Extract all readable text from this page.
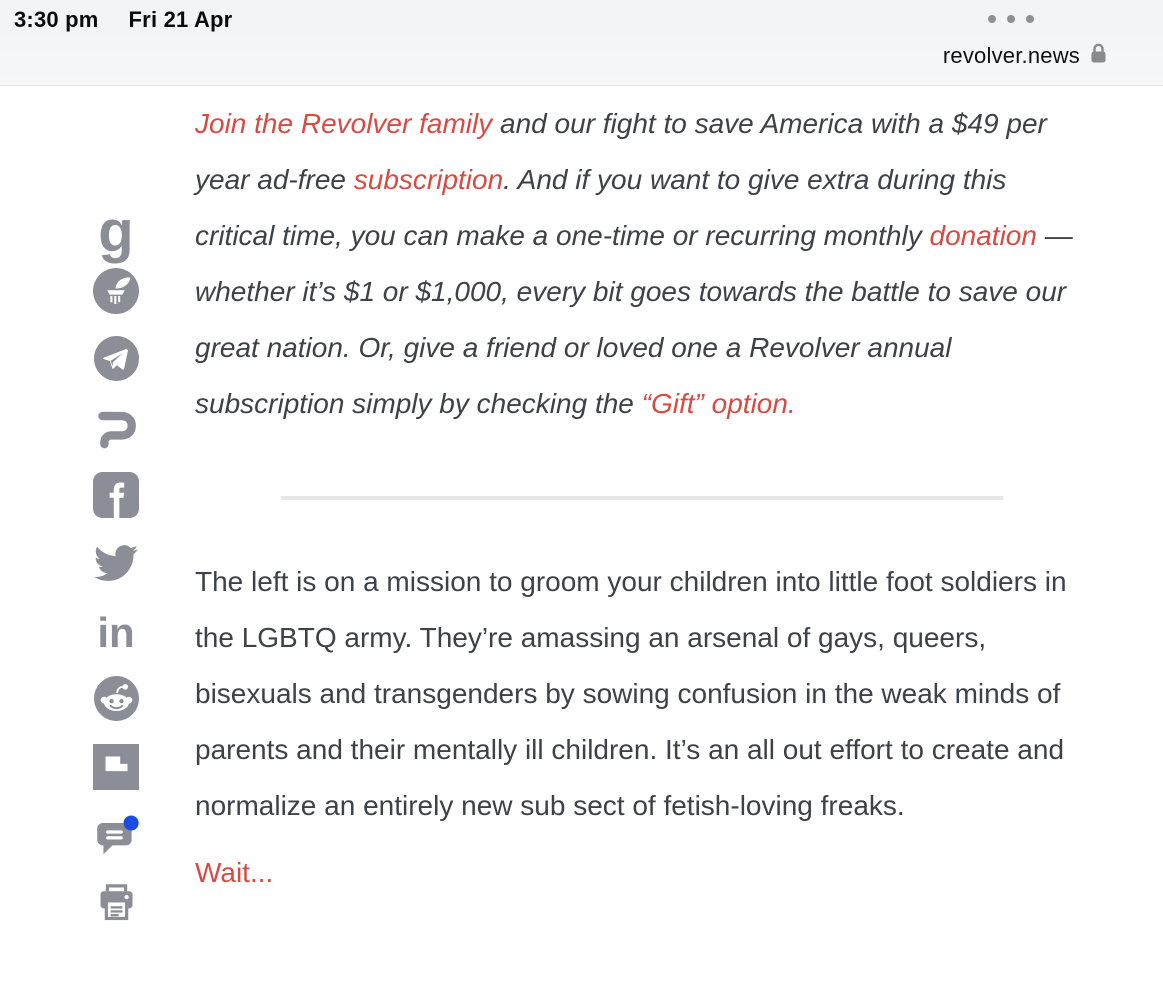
3:30 pm Fri 21 Apr
revolver.news
g
in

Join the Revolver family and our fight to save America with a $49 per year ad-free subscription. And if you want to give extra during this critical time, you can make a one-time or recurring monthly donation — whether it’s $1 or $1,000, every bit goes towards the battle to save our great nation. Or, give a friend or loved one a Revolver annual subscription simply by checking the “Gift” option.

The left is on a mission to groom your children into little foot soldiers in the LGBTQ army. They’re amassing an arsenal of gays, queers, bisexuals and transgenders by sowing confusion in the weak minds of parents and their mentally ill children. It’s an all out effort to create and normalize an entirely new sub sect of fetish-loving freaks.

Wait...
